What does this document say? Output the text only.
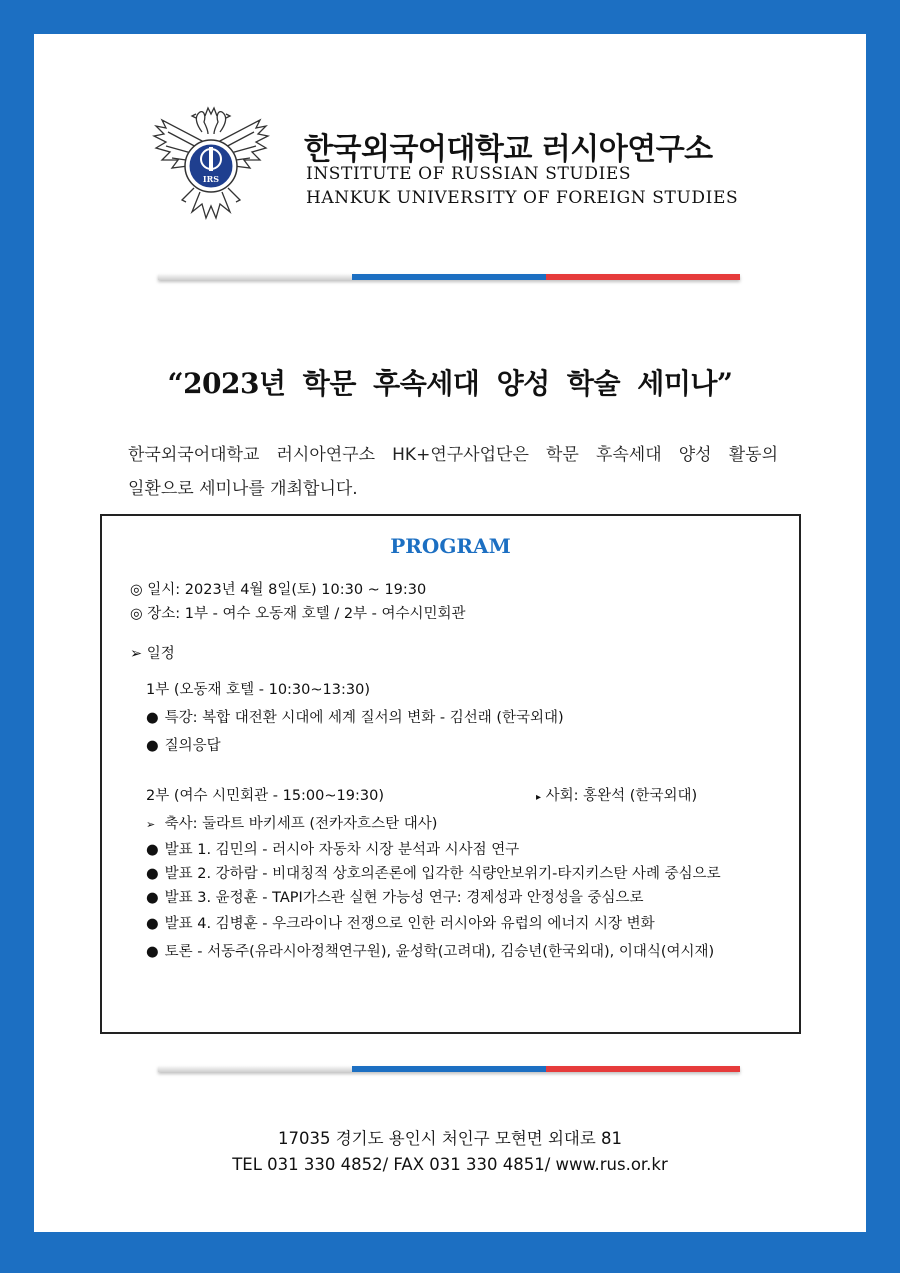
IRS
한국외국어대학교 러시아연구소
INSTITUTE OF RUSSIAN STUDIES
HANKUK UNIVERSITY OF FOREIGN STUDIES
“2023년 학문 후속세대 양성 학술 세미나”
한국외국어대학교 러시아연구소 HK+연구사업단은 학문 후속세대 양성 활동의
일환으로 세미나를 개최합니다.
PROGRAM
◎ 일시: 2023년 4월 8일(토) 10:30 ~ 19:30
◎ 장소: 1부 - 여수 오동재 호텔 / 2부 - 여수시민회관
➢ 일정
1부 (오동재 호텔 - 10:30~13:30)
● 특강: 복합 대전환 시대에 세계 질서의 변화 - 김선래 (한국외대)
● 질의응답
2부 (여수 시민회관 - 15:00~19:30)	▸ 사회: 홍완석 (한국외대)
➢ 축사: 둘라트 바키세프 (전카자흐스탄 대사)
● 발표 1. 김민의 - 러시아 자동차 시장 분석과 시사점 연구
● 발표 2. 강하람 - 비대칭적 상호의존론에 입각한 식량안보위기-타지키스탄 사례 중심으로
● 발표 3. 윤정훈 - TAPI가스관 실현 가능성 연구: 경제성과 안정성을 중심으로
● 발표 4. 김병훈 - 우크라이나 전쟁으로 인한 러시아와 유럽의 에너지 시장 변화
● 토론 - 서동주(유라시아정책연구원), 윤성학(고려대), 김승년(한국외대), 이대식(여시재)
17035 경기도 용인시 처인구 모현면 외대로 81
TEL 031 330 4852/ FAX 031 330 4851/ www.rus.or.kr
